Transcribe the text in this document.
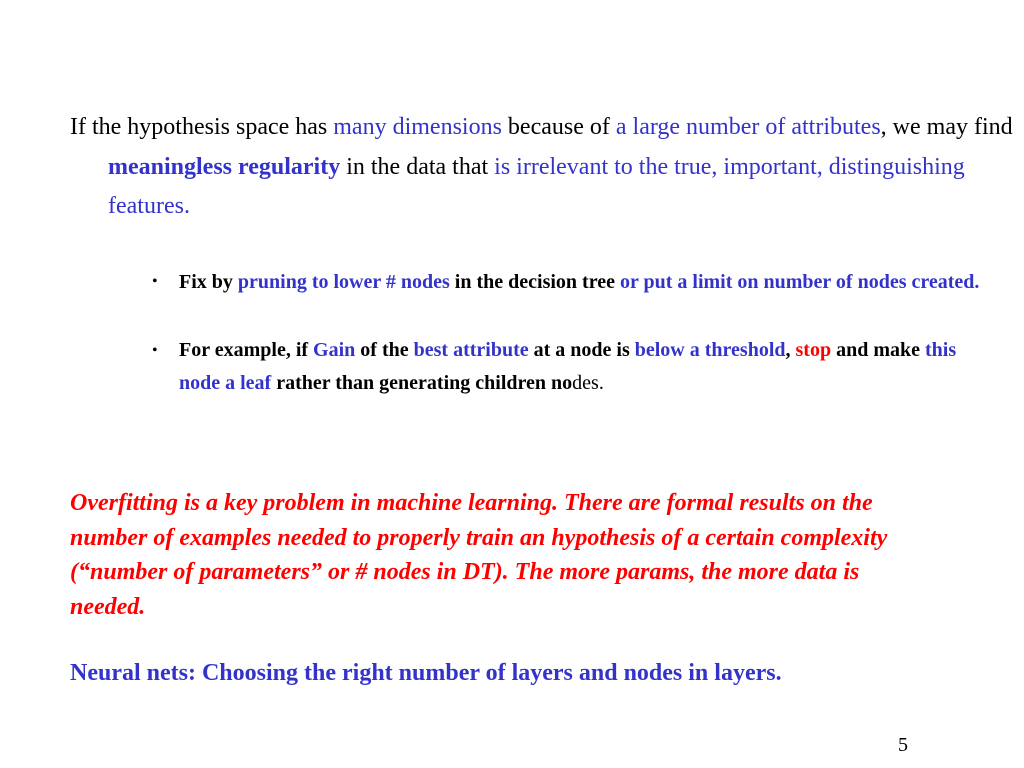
If the hypothesis space has many dimensions because of a large number of attributes, we may find meaningless regularity in the data that is irrelevant to the true, important, distinguishing features.
• Fix by pruning to lower # nodes in the decision tree or put a limit on number of nodes created.
• For example, if Gain of the best attribute at a node is below a threshold, stop and make this node a leaf rather than generating children nodes.
Overfitting is a key problem in machine learning. There are formal results on the number of examples needed to properly train an hypothesis of a certain complexity (“number of parameters” or # nodes in DT). The more params, the more data is needed.
Neural nets: Choosing the right number of layers and nodes in layers.
5
